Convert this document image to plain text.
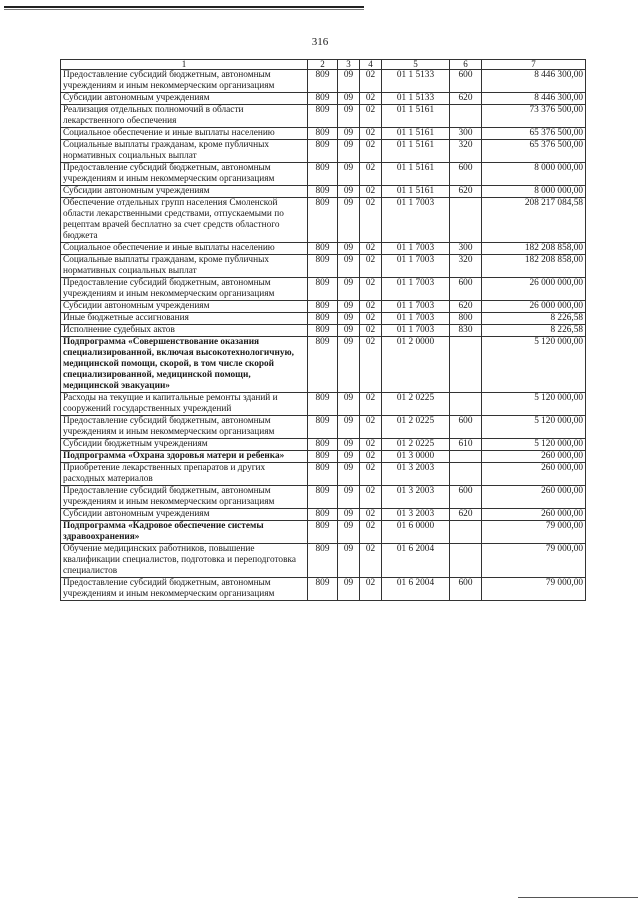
316
1	2	3	4	5	6	7
Предоставление субсидий бюджетным, автономным учреждениям и иным некоммерческим организациям	809	09	02	01 1 5133	600	8 446 300,00
Субсидии автономным учреждениям	809	09	02	01 1 5133	620	8 446 300,00
Реализация отдельных полномочий в области лекарственного обеспечения	809	09	02	01 1 5161		73 376 500,00
Социальное обеспечение и иные выплаты населению	809	09	02	01 1 5161	300	65 376 500,00
Социальные выплаты гражданам, кроме публичных нормативных социальных выплат	809	09	02	01 1 5161	320	65 376 500,00
Предоставление субсидий бюджетным, автономным учреждениям и иным некоммерческим организациям	809	09	02	01 1 5161	600	8 000 000,00
Субсидии автономным учреждениям	809	09	02	01 1 5161	620	8 000 000,00
Обеспечение отдельных групп населения Смоленской области лекарственными средствами, отпускаемыми по рецептам врачей бесплатно за счет средств областного бюджета	809	09	02	01 1 7003		208 217 084,58
Социальное обеспечение и иные выплаты населению	809	09	02	01 1 7003	300	182 208 858,00
Социальные выплаты гражданам, кроме публичных нормативных социальных выплат	809	09	02	01 1 7003	320	182 208 858,00
Предоставление субсидий бюджетным, автономным учреждениям и иным некоммерческим организациям	809	09	02	01 1 7003	600	26 000 000,00
Субсидии автономным учреждениям	809	09	02	01 1 7003	620	26 000 000,00
Иные бюджетные ассигнования	809	09	02	01 1 7003	800	8 226,58
Исполнение судебных актов	809	09	02	01 1 7003	830	8 226,58
Подпрограмма «Совершенствование оказания специализированной, включая высокотехнологичную, медицинской помощи, скорой, в том числе скорой специализированной, медицинской помощи, медицинской эвакуации»	809	09	02	01 2 0000		5 120 000,00
Расходы на текущие и капитальные ремонты зданий и сооружений государственных учреждений	809	09	02	01 2 0225		5 120 000,00
Предоставление субсидий бюджетным, автономным учреждениям и иным некоммерческим организациям	809	09	02	01 2 0225	600	5 120 000,00
Субсидии бюджетным учреждениям	809	09	02	01 2 0225	610	5 120 000,00
Подпрограмма «Охрана здоровья матери и ребенка»	809	09	02	01 3 0000		260 000,00
Приобретение лекарственных препаратов и других расходных материалов	809	09	02	01 3 2003		260 000,00
Предоставление субсидий бюджетным, автономным учреждениям и иным некоммерческим организациям	809	09	02	01 3 2003	600	260 000,00
Субсидии автономным учреждениям	809	09	02	01 3 2003	620	260 000,00
Подпрограмма «Кадровое обеспечение системы здравоохранения»	809	09	02	01 6 0000		79 000,00
Обучение медицинских работников, повышение квалификации специалистов, подготовка и переподготовка специалистов	809	09	02	01 6 2004		79 000,00
Предоставление субсидий бюджетным, автономным учреждениям и иным некоммерческим организациям	809	09	02	01 6 2004	600	79 000,00
